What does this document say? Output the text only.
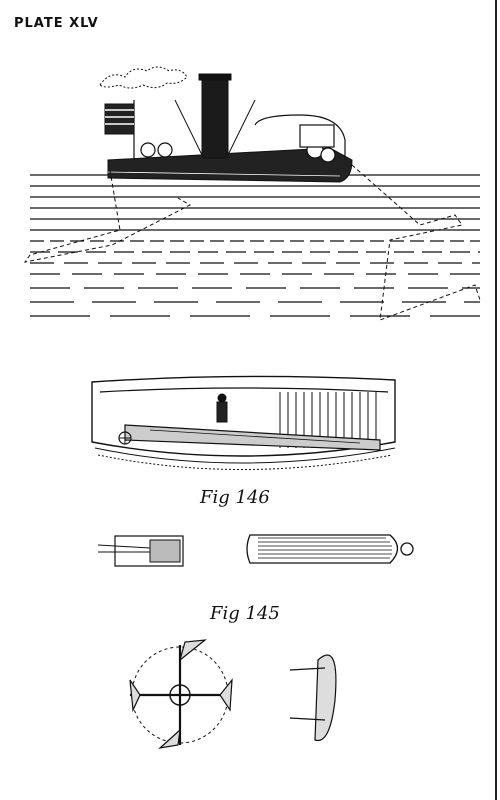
PLATE XLV
Fig 146
Fig 145
